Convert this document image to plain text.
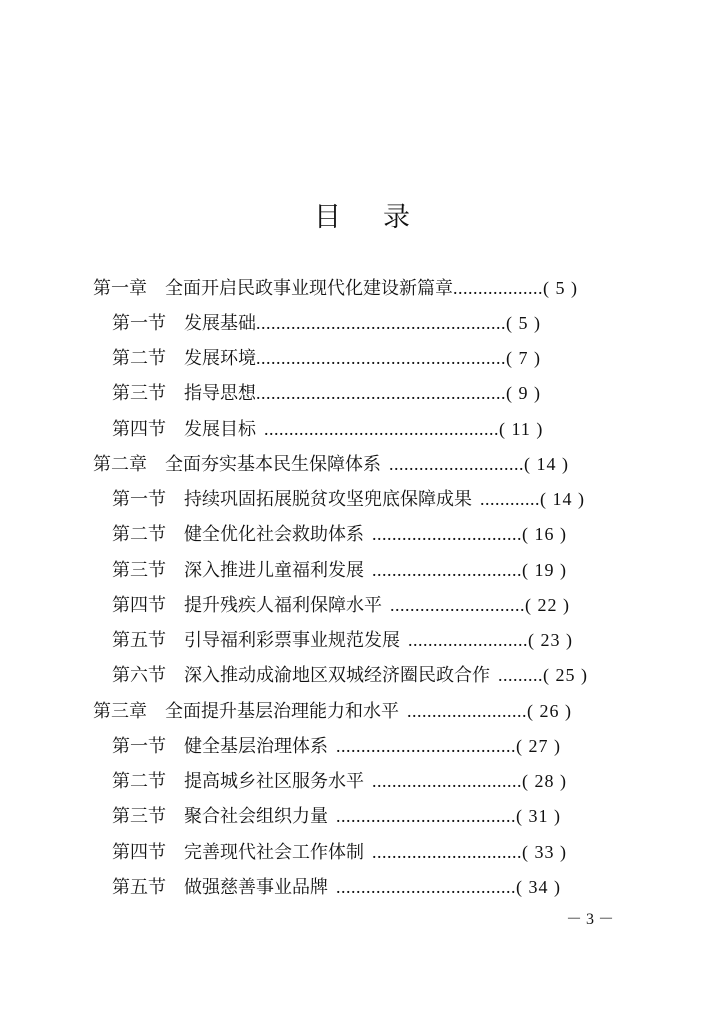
目录
第一章 全面开启民政事业现代化建设新篇章..................( 5 )
第一节 发展基础..................................................( 5 )
第二节 发展环境..................................................( 7 )
第三节 指导思想..................................................( 9 )
第四节 发展目标 ...............................................( 11 )
第二章 全面夯实基本民生保障体系 ...........................( 14 )
第一节 持续巩固拓展脱贫攻坚兜底保障成果 ............( 14 )
第二节 健全优化社会救助体系 ..............................( 16 )
第三节 深入推进儿童福利发展 ..............................( 19 )
第四节 提升残疾人福利保障水平 ...........................( 22 )
第五节 引导福利彩票事业规范发展 ........................( 23 )
第六节 深入推动成渝地区双城经济圈民政合作 .........( 25 )
第三章 全面提升基层治理能力和水平 ........................( 26 )
第一节 健全基层治理体系 ....................................( 27 )
第二节 提高城乡社区服务水平 ..............................( 28 )
第三节 聚合社会组织力量 ....................................( 31 )
第四节 完善现代社会工作体制 ..............................( 33 )
第五节 做强慈善事业品牌 ....................................( 34 )
－ 3 －
